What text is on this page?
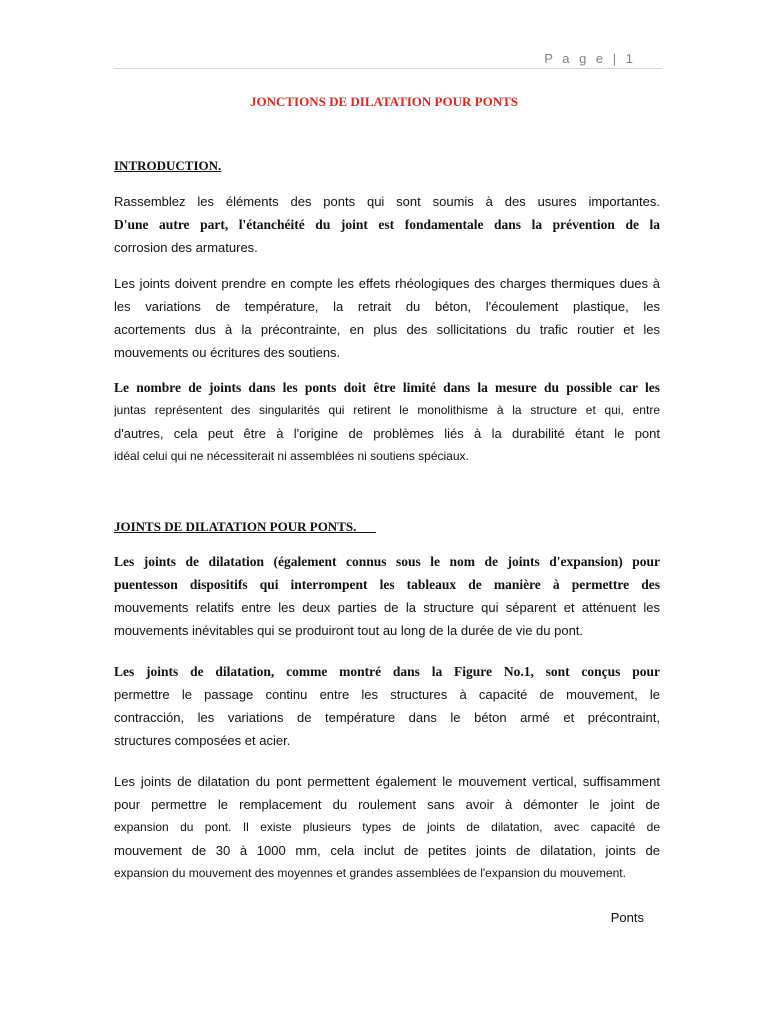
P a g e | 1
JONCTIONS DE DILATATION POUR PONTS
INTRODUCTION.
Rassemblez les éléments des ponts qui sont soumis à des usures importantes.
D'une autre part, l'étanchéité du joint est fondamentale dans la prévention de la
corrosion des armatures.
Les joints doivent prendre en compte les effets rhéologiques des charges thermiques dues à
les variations de température, la retrait du béton, l'écoulement plastique, les
acortements dus à la précontrainte, en plus des sollicitations du trafic routier et les
mouvements ou écritures des soutiens.
Le nombre de joints dans les ponts doit être limité dans la mesure du possible car les
juntas représentent des singularités qui retirent le monolithisme à la structure et qui, entre
d'autres, cela peut être à l'origine de problèmes liés à la durabilité étant le pont
idéal celui qui ne nécessiterait ni assemblées ni soutiens spéciaux.
JOINTS DE DILATATION POUR PONTS.
Les joints de dilatation (également connus sous le nom de joints d'expansion) pour
puentesson dispositifs qui interrompent les tableaux de manière à permettre des
mouvements relatifs entre les deux parties de la structure qui séparent et atténuent les
mouvements inévitables qui se produiront tout au long de la durée de vie du pont.
Les joints de dilatation, comme montré dans la Figure No.1, sont conçus pour
permettre le passage continu entre les structures à capacité de mouvement, le
contracción, les variations de température dans le béton armé et précontraint,
structures composées et acier.
Les joints de dilatation du pont permettent également le mouvement vertical, suffisamment
pour permettre le remplacement du roulement sans avoir à démonter le joint de
expansion du pont. Il existe plusieurs types de joints de dilatation, avec capacité de
mouvement de 30 à 1000 mm, cela inclut de petites joints de dilatation, joints de
expansion du mouvement des moyennes et grandes assemblées de l'expansion du mouvement.
Ponts
